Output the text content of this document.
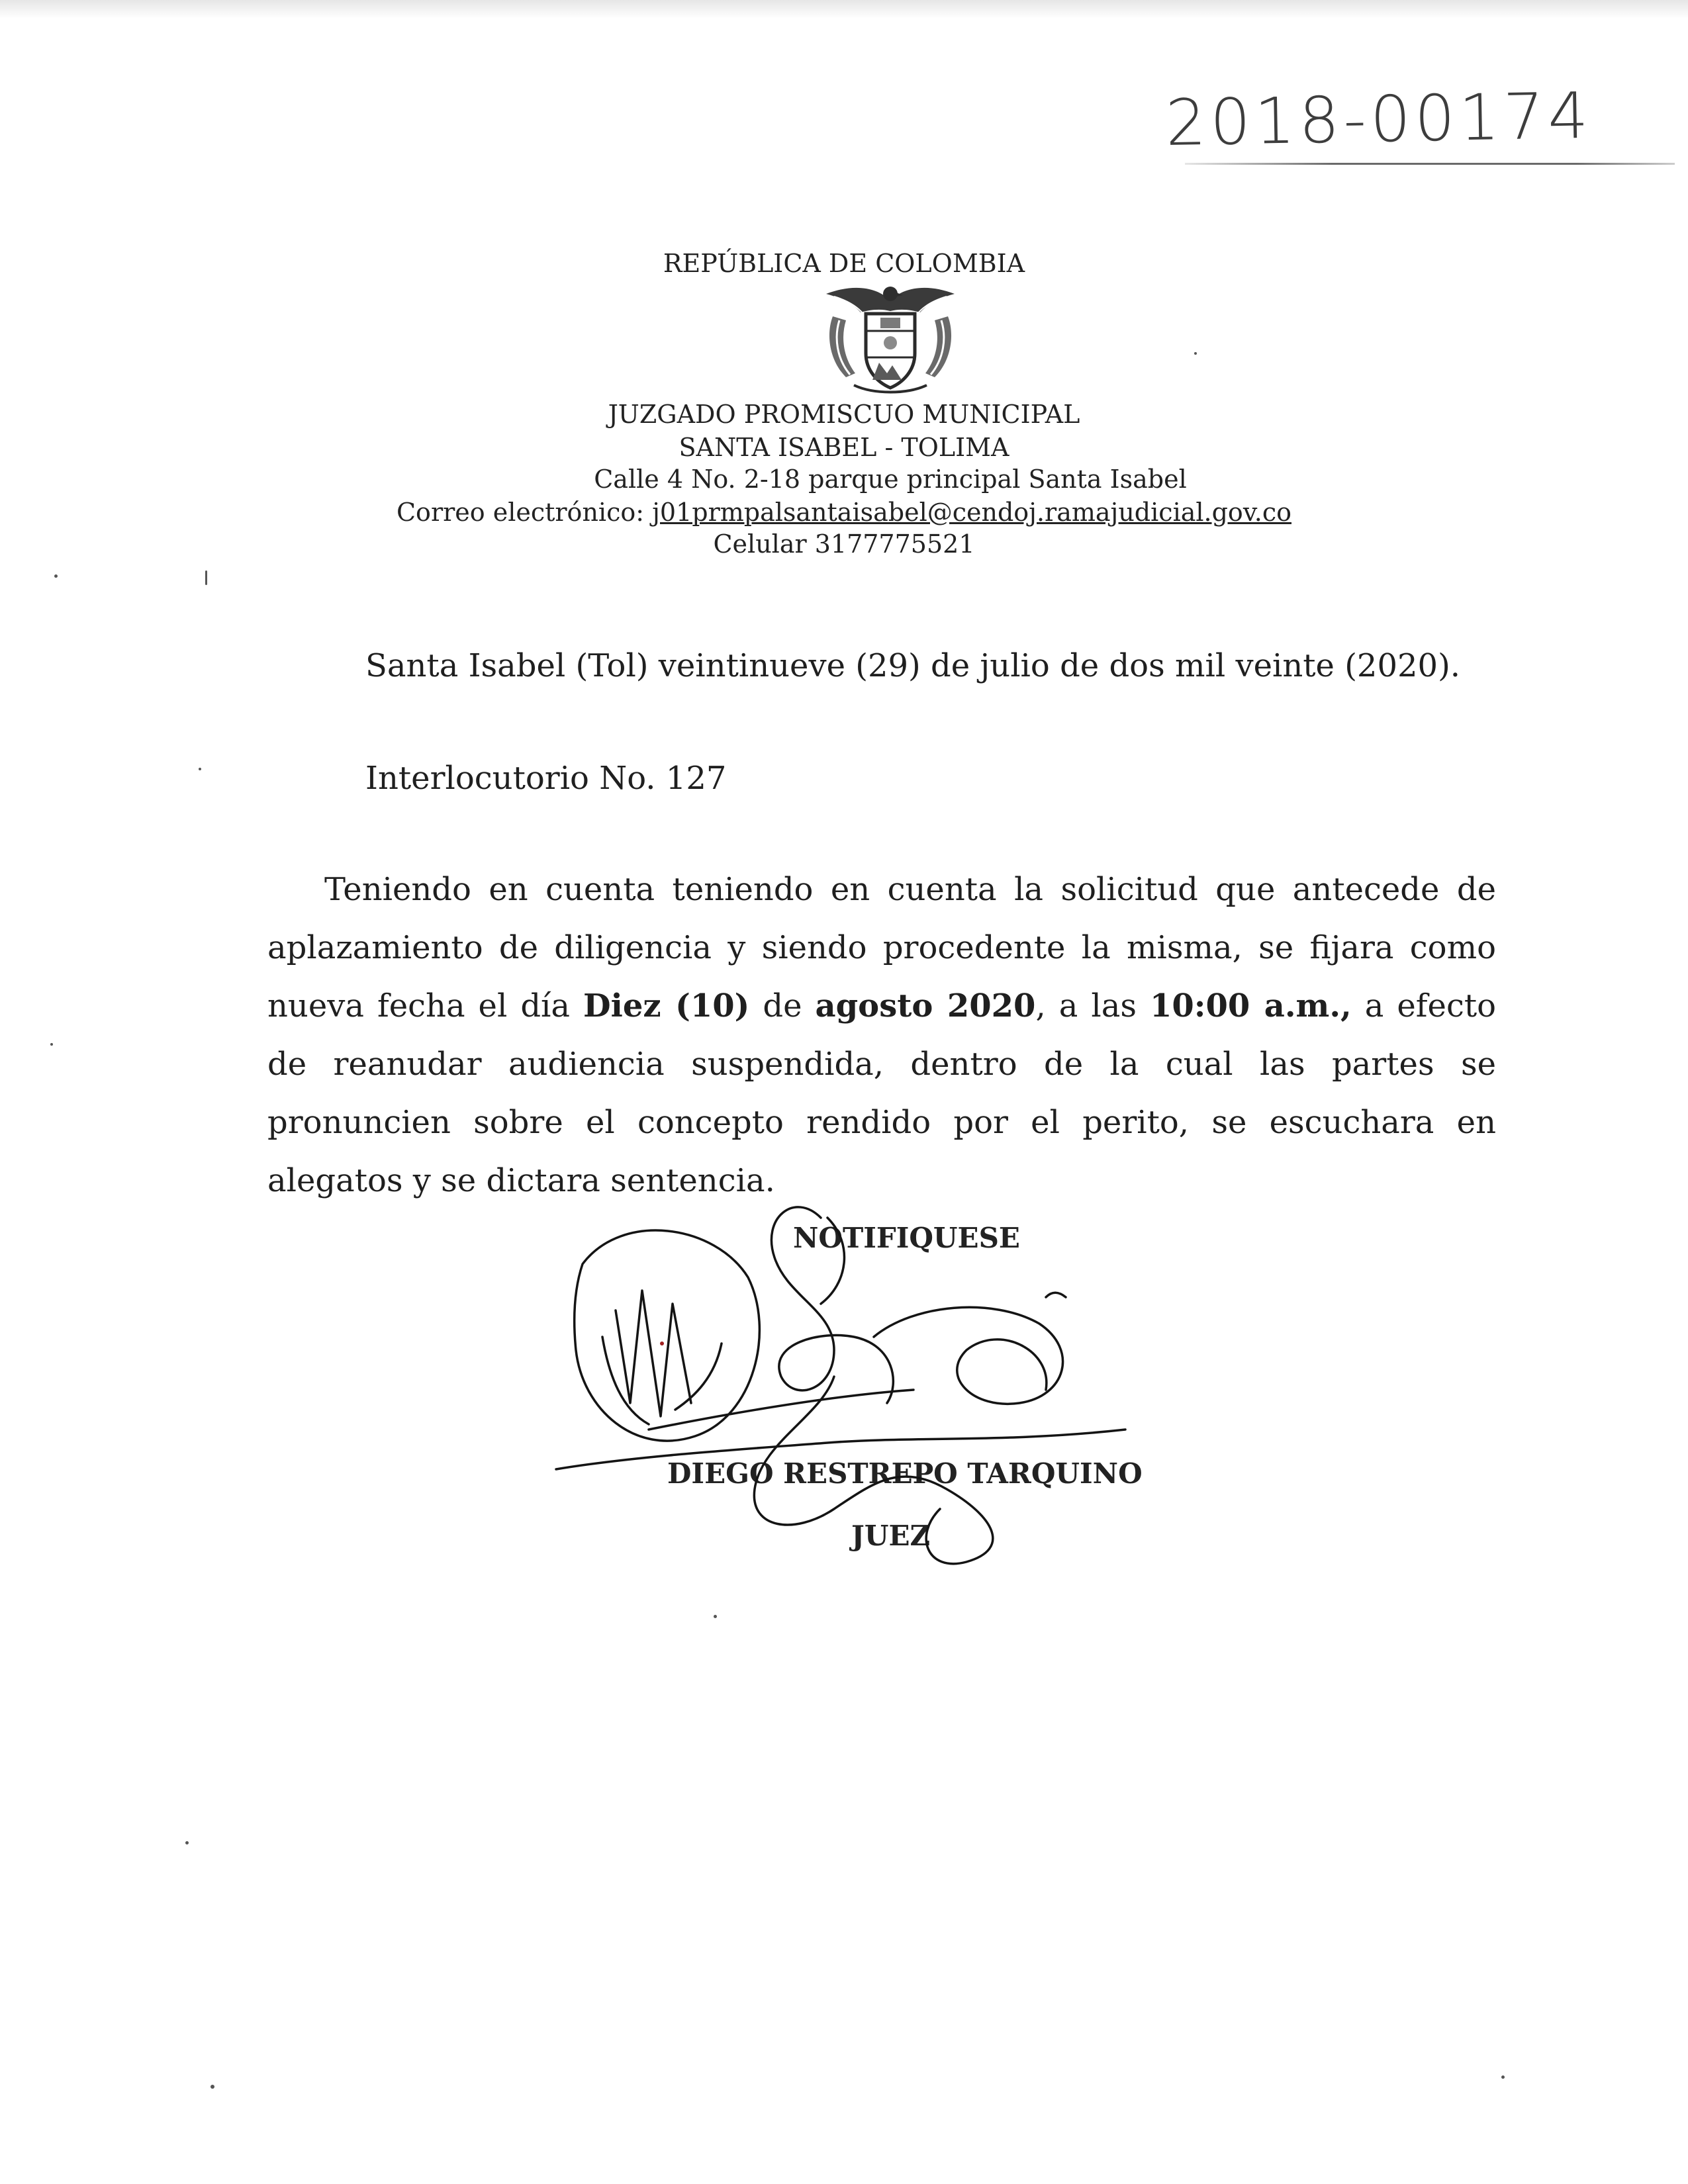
2018-00174
REPÚBLICA DE COLOMBIA
JUZGADO PROMISCUO MUNICIPAL
SANTA ISABEL - TOLIMA
Calle 4 No. 2-18 parque principal Santa Isabel
Correo electrónico: j01prmpalsantaisabel@cendoj.ramajudicial.gov.co
Celular 3177775521
Santa Isabel (Tol) veintinueve (29) de julio de dos mil veinte (2020).
Interlocutorio No. 127
Teniendo en cuenta teniendo en cuenta la solicitud que antecede de aplazamiento de diligencia y siendo procedente la misma, se fijara como nueva fecha el día Diez (10) de agosto 2020, a las 10:00 a.m., a efecto de reanudar audiencia suspendida, dentro de la cual las partes se pronuncien sobre el concepto rendido por el perito, se escuchara en alegatos y se dictara sentencia.
NOTIFIQUESE
DIEGO RESTREPO TARQUINO
JUEZ
